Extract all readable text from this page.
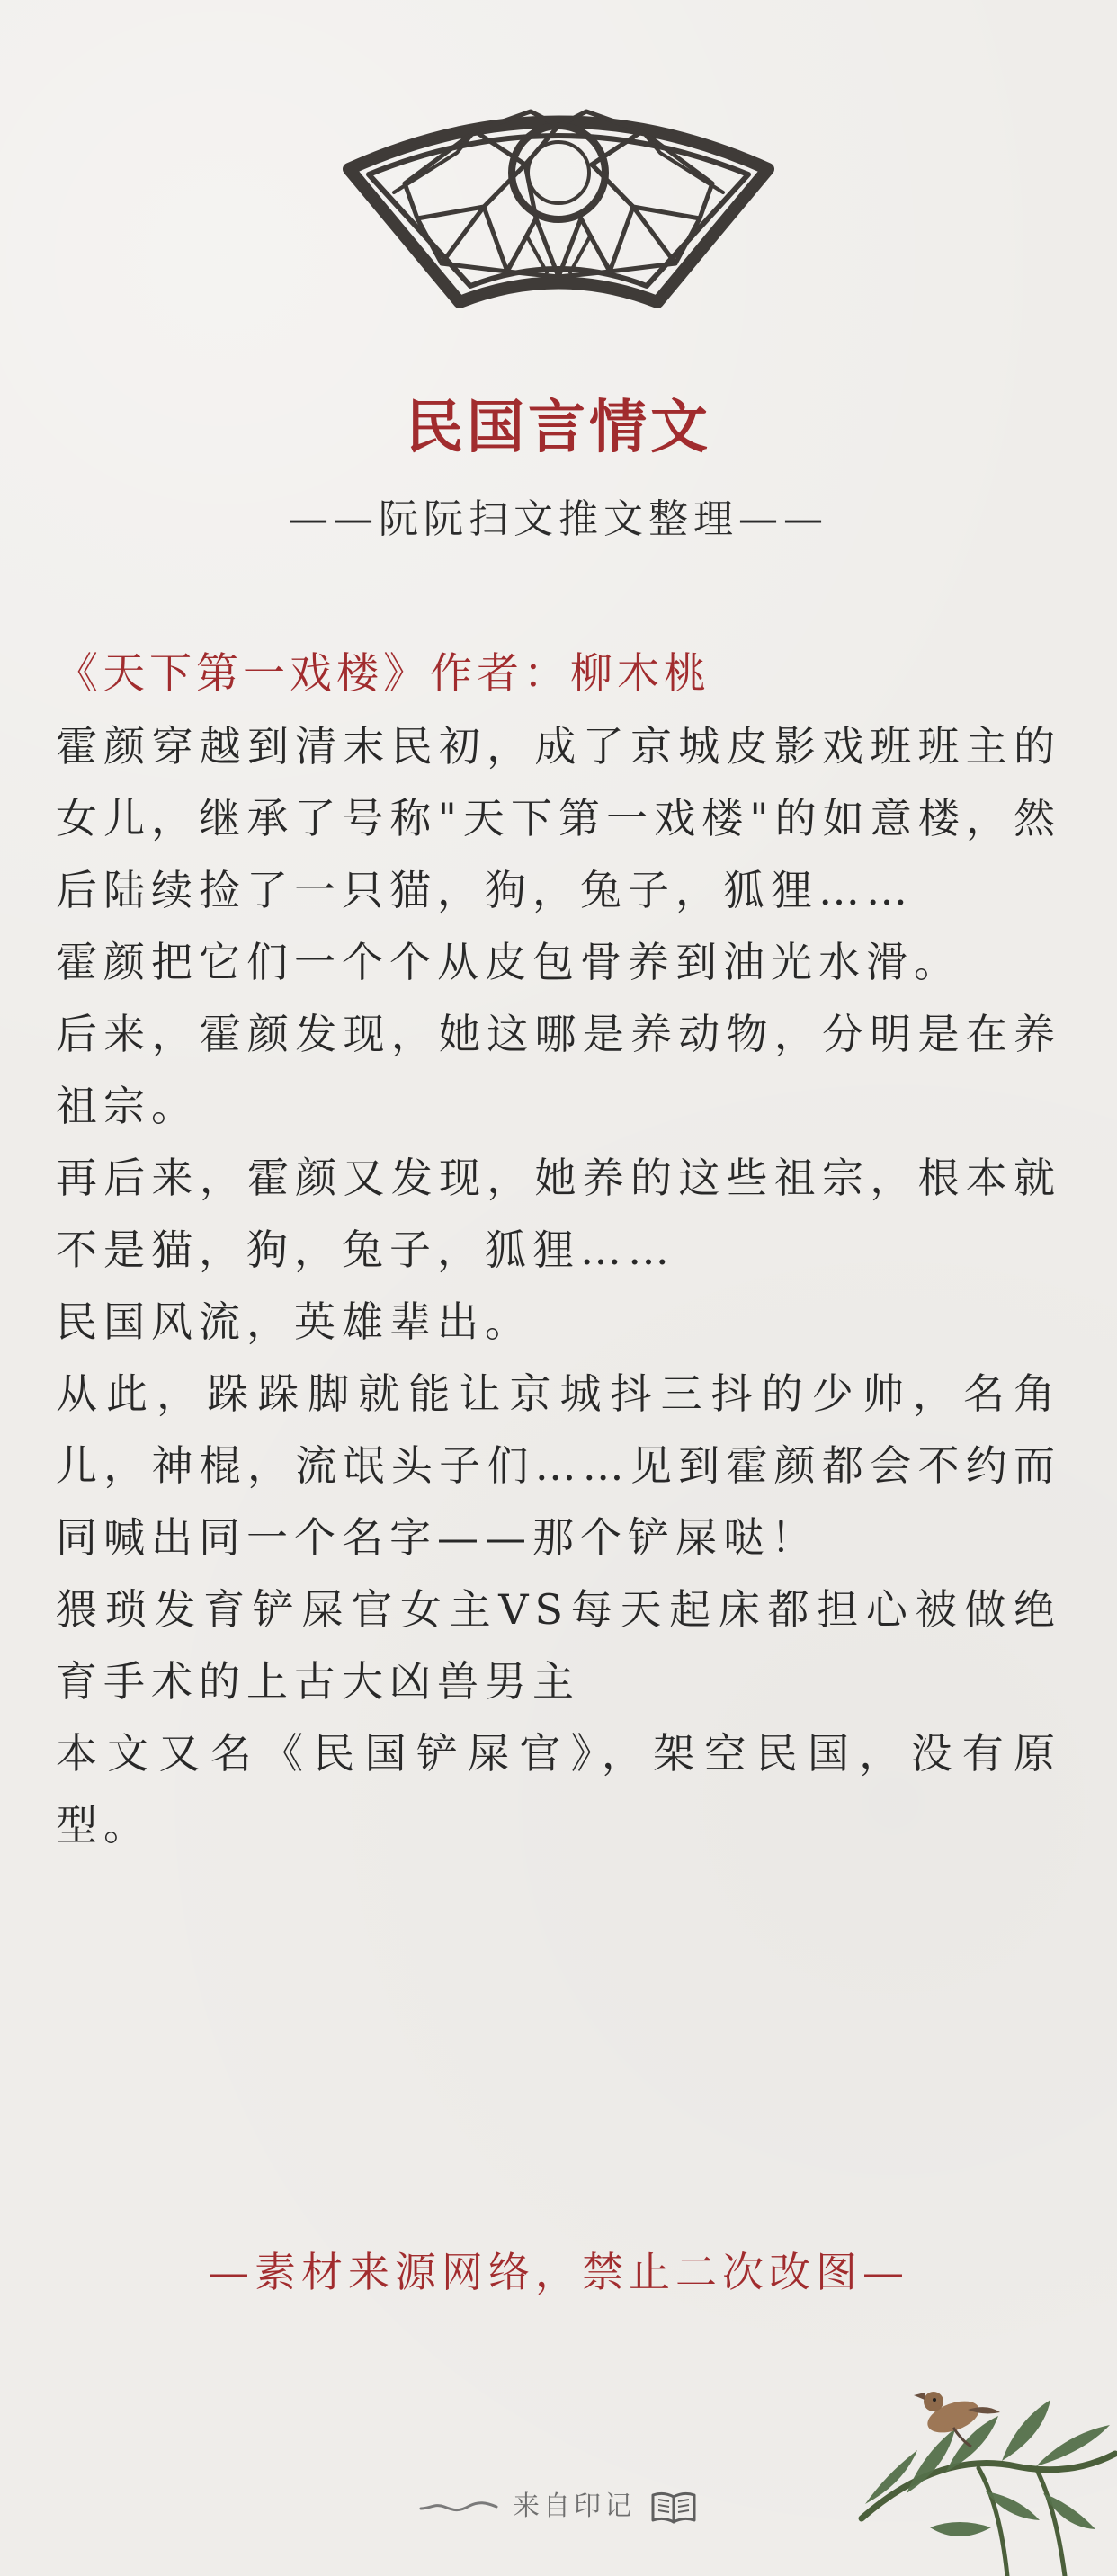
民国言情文
——阮阮扫文推文整理——
《天下第一戏楼》作者：柳木桃

霍颜穿越到清末民初，成了京城皮影戏班班主的女儿，继承了号称"天下第一戏楼"的如意楼，然后陆续捡了一只猫，狗，兔子，狐狸……

霍颜把它们一个个从皮包骨养到油光水滑。

后来，霍颜发现，她这哪是养动物，分明是在养祖宗。

再后来，霍颜又发现，她养的这些祖宗，根本就不是猫，狗，兔子，狐狸……

民国风流，英雄辈出。

从此，跺跺脚就能让京城抖三抖的少帅，名角儿，神棍，流氓头子们……见到霍颜都会不约而同喊出同一个名字——那个铲屎哒！

猥琐发育铲屎官女主VS每天起床都担心被做绝育手术的上古大凶兽男主

本文又名《民国铲屎官》，架空民国，没有原型。

—素材来源网络，禁止二次改图—
来自印记
